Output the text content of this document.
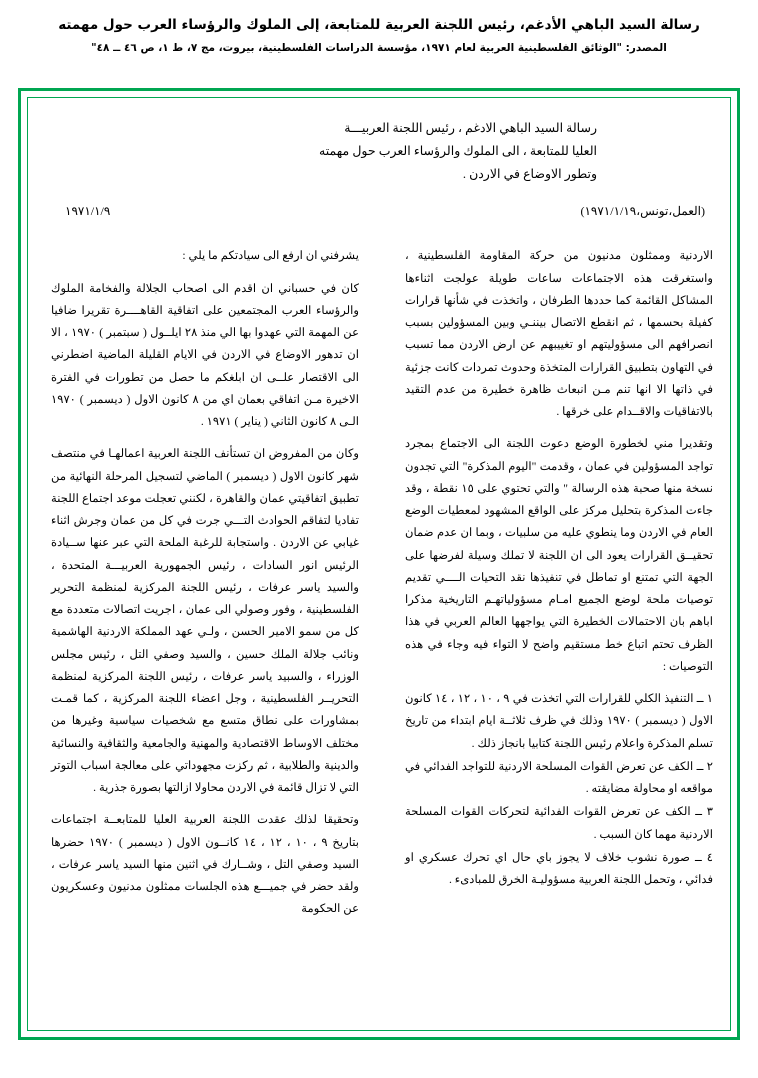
رسالة السيد الباهي الأدغم، رئيس اللجنة العربية للمتابعة، إلى الملوك والرؤساء العرب حول مهمته
المصدر: "الوثائق الفلسطينية العربية لعام ١٩٧١، مؤسسة الدراسات الفلسطينية، بيروت، مج ٧، ط ١، ص ٤٦ ــ ٤٨"
رسالة السيد الباهي الادغم ، رئيس اللجنة العربيـــة
العليا للمتابعة ، الى الملوك والرؤساء العرب حول مهمته
وتطور الاوضاع في الاردن .
(العمل،تونس،١٩٧١/١/١٩)
١٩٧١/١/٩

الاردنية وممثلون مدنيون من حركة المقاومة الفلسطينية ، واستغرقت هذه الاجتماعات ساعات طويلة عولجت اثناءها المشاكل القائمة كما حددها الطرفان ، واتخذت في شأنها قرارات كفيلة بحسمها ، ثم انقطع الاتصال بيننـي وبين المسؤولين بسبب انصرافهم الى مسؤوليتهم او تغييبهم عن ارض الاردن مما تسبب في التهاون بتطبيق القرارات المتخذة وحدوث تمردات كانت جزئية في ذاتها الا انها تنم مـن انبعاث ظاهرة خطيرة من عدم التقيد بالاتفاقيات والاقــدام على خرقها .

وتقديرا مني لخطورة الوضع دعوت اللجنة الى الاجتماع بمجرد تواجد المسؤولين في عمان ، وقدمت "اليوم المذكرة" التي تجدون نسخة منها صحبة هذه الرسالة " والتي تحتوي على ١٥ نقطة ، وقد جاءت المذكرة بتحليل مركز على الواقع المشهود لمعطيات الوضع العام في الاردن وما ينطوي عليه من سلبيات ، وبما ان عدم ضمان تحقيــق القرارات يعود الى ان اللجنة لا تملك وسيلة لفرضها على الجهة التي تمتنع او تماطل في تنفيذها نقد التحيات الــــي تقديم توصيات ملحة لوضع الجميع امـام مسؤولياتهـم التاريخية مذكرا اباهم بان الاحتمالات الخطيرة التي يواجهها العالم العربي في هذا الظرف تحتم اتباع خط مستقيم واضح لا التواء فيه وجاء في هذه التوصيات :

١ ــ التنفيذ الكلي للقرارات التي اتخذت في ٩ ، ١٠ ، ١٢ ، ١٤ كانون الاول ( ديسمبر ) ١٩٧٠ وذلك في ظرف ثلاثــة ايام ابتداء من تاريخ تسلم المذكرة واعلام رئيس اللجنة كتابيا بانجاز ذلك .

٢ ــ الكف عن تعرض القوات المسلحة الاردنية للتواجد الفدائي في مواقعه او محاولة مضايقته .

٣ ــ الكف عن تعرض القوات الفدائية لتحركات القوات المسلحة الاردنية مهما كان السبب .

٤ ــ صورة نشوب خلاف لا يجوز باي حال اي تحرك عسكري او فدائي ، وتحمل اللجنة العربية مسؤوليـة الخرق للمبادىء .

يشرفني ان ارفع الى سيادتكم ما يلي :

كان في حسباني ان اقدم الى اصحاب الجلالة والفخامة الملوك والرؤساء العرب المجتمعين على اتفاقية القاهــــرة تقريرا ضافيا عن المهمة التي عهدوا بها الي منذ ٢٨ ايلــول ( سبتمبر ) ١٩٧٠ ، الا ان تدهور الاوضاع في الاردن في الايام القليلة الماضية اضطرني الى الاقتصار علــى ان ابلغكم ما حصل من تطورات في الفترة الاخيرة مـن اتفاقي بعمان اي من ٨ كانون الاول ( ديسمبر ) ١٩٧٠ الـى ٨ كانون الثاني ( يناير ) ١٩٧١ .

وكان من المفروض ان تستأنف اللجنة العربية اعمالهـا في منتصف شهر كانون الاول ( ديسمبر ) الماضي لتسجيل المرحلة النهائية من تطبيق اتفاقيتي عمان والقاهرة ، لكنني تعجلت موعد اجتماع اللجنة تفاديا لتفاقم الحوادث التـــي جرت في كل من عمان وجرش اثناء غيابي عن الاردن . واستجابة للرغبة الملحة التي عبر عنها ســيادة الرئيس انور السادات ، رئيس الجمهورية العربيـــة المتحدة ، والسيد ياسر عرفات ، رئيس اللجنة المركزية لمنظمة التحرير الفلسطينية ، وفور وصولي الى عمان ، اجريت اتصالات متعددة مع كل من سمو الامير الحسن ، ولـي عهد المملكة الاردنية الهاشمية ونائب جلالة الملك حسين ، والسيد وصفي التل ، رئيس مجلس الوزراء ، والسبيد ياسر عرفات ، رئيس اللجنة المركزية لمنظمة التحريــر الفلسطينية ، وجل اعضاء اللجنة المركزية ، كما قمـت بمشاورات على نطاق متسع مع شخصيات سياسية وغيرها من مختلف الاوساط الاقتصادية والمهنية والجامعية والثقافية والنسائية والدينية والطلابية ، ثم ركزت مجهوداتي على معالجة اسباب التوتر التي لا تزال قائمة في الاردن محاولا ازالتها بصورة جذرية .

وتحقيقا لذلك عقدت اللجنة العربية العليا للمتابعــة اجتماعات بتاريخ ٩ ، ١٠ ، ١٢ ، ١٤ كانــون الاول ( ديسمبر ) ١٩٧٠ حضرها السيد وصفي التل ، وشــارك في اثنين منها السيد ياسر عرفات ، ولقد حضر في جميـــع هذه الجلسات ممثلون مدنيون وعسكريون عن الحكومة
